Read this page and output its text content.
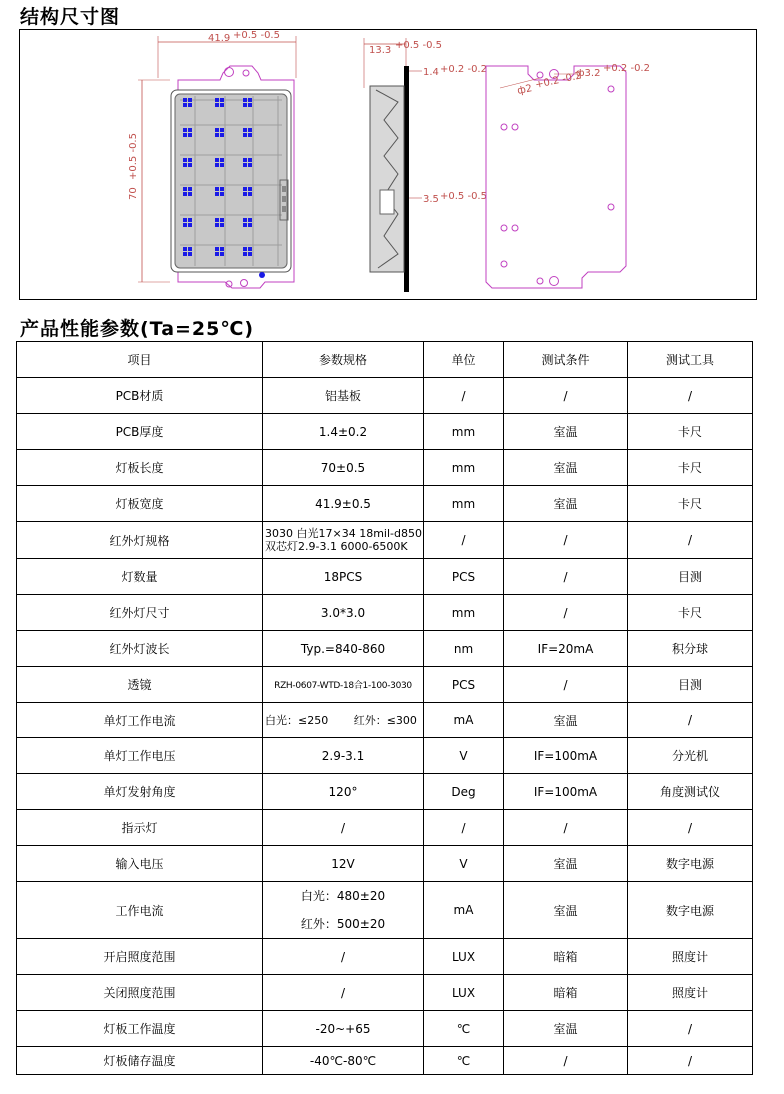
结构尺寸图
41.9 +0.5 -0.5
70
+0.5 -0.5
13.3 +0.5 -0.5
1.4 +0.2 -0.2
3.5 +0.5 -0.5
ф3.2 +0.2 -0.2
ф2 +0.2 -0.2
产品性能参数(Ta=25℃)
项目	参数规格	单位	测试条件	测试工具
PCB材质	铝基板	/	/	/
PCB厚度	1.4±0.2	mm	室温	卡尺
灯板长度	70±0.5	mm	室温	卡尺
灯板宽度	41.9±0.5	mm	室温	卡尺
红外灯规格	3030 白光17×34 18mil-d850
双芯灯2.9-3.1 6000-6500K	/	/	/
灯数量	18PCS	PCS	/	目测
红外灯尺寸	3.0*3.0	mm	/	卡尺
红外灯波长	Typ.=840-860	nm	IF=20mA	积分球
透镜	RZH-0607-WTD-18合1-100-3030	PCS	/	目测
单灯工作电流	白光：≤250 红外：≤300	mA	室温	/
单灯工作电压	2.9-3.1	V	IF=100mA	分光机
单灯发射角度	120°	Deg	IF=100mA	角度测试仪
指示灯	/	/	/	/
输入电压	12V	V	室温	数字电源
工作电流	白光：480±20
红外：500±20	mA	室温	数字电源
开启照度范围	/	LUX	暗箱	照度计
关闭照度范围	/	LUX	暗箱	照度计
灯板工作温度	-20~+65	℃	室温	/
灯板储存温度	-40℃-80℃	℃	/	/
